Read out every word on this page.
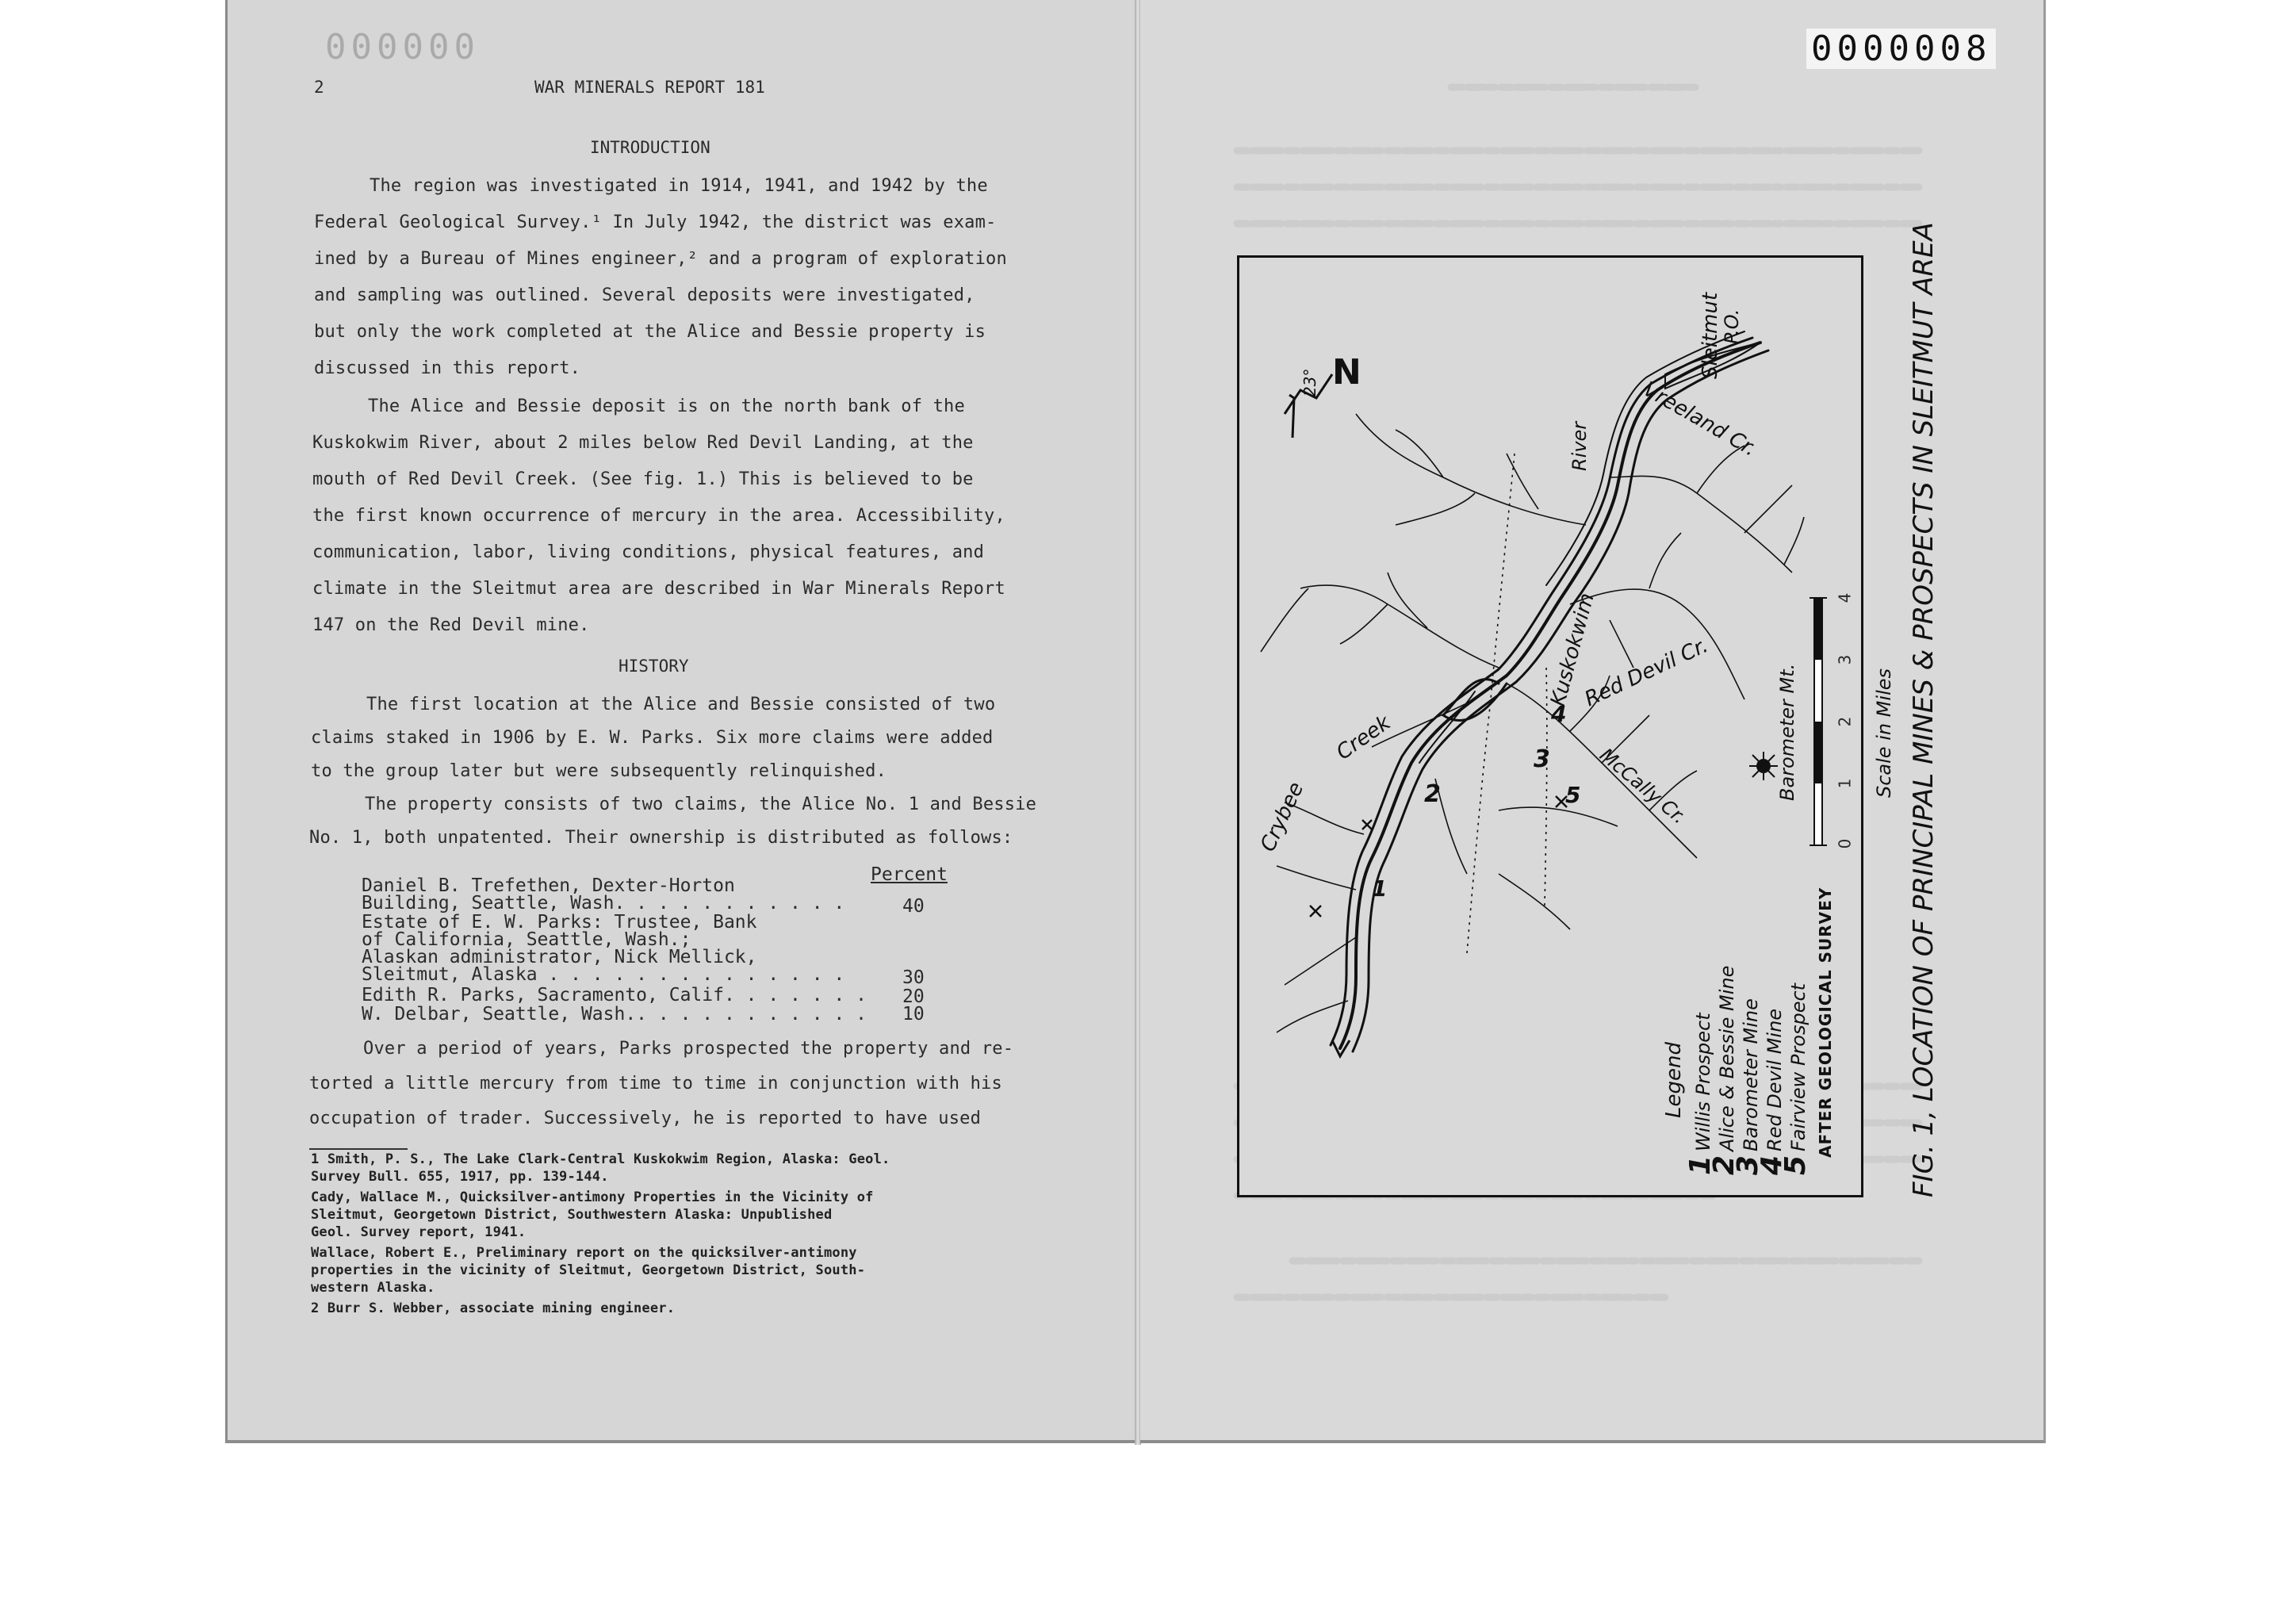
000000
2	WAR MINERALS REPORT 181
INTRODUCTION
The region was investigated in 1914, 1941, and 1942 by the
Federal Geological Survey.¹ In July 1942, the district was exam-
ined by a Bureau of Mines engineer,² and a program of exploration
and sampling was outlined. Several deposits were investigated,
but only the work completed at the Alice and Bessie property is
discussed in this report.
The Alice and Bessie deposit is on the north bank of the
Kuskokwim River, about 2 miles below Red Devil Landing, at the
mouth of Red Devil Creek. (See fig. 1.) This is believed to be
the first known occurrence of mercury in the area. Accessibility,
communication, labor, living conditions, physical features, and
climate in the Sleitmut area are described in War Minerals Report
147 on the Red Devil mine.
HISTORY
The first location at the Alice and Bessie consisted of two
claims staked in 1906 by E. W. Parks. Six more claims were added
to the group later but were subsequently relinquished.
The property consists of two claims, the Alice No. 1 and Bessie
No. 1, both unpatented. Their ownership is distributed as follows:
Percent
Daniel B. Trefethen, Dexter-Horton
Building, Seattle, Wash. . . . . . . . . . .	40
Estate of E. W. Parks: Trustee, Bank
of California, Seattle, Wash.;
Alaskan administrator, Nick Mellick,
Sleitmut, Alaska . . . . . . . . . . . . . .	30
Edith R. Parks, Sacramento, Calif. . . . . . . 20
W. Delbar, Seattle, Wash.. . . . . . . . . . . 10
Over a period of years, Parks prospected the property and re-
torted a little mercury from time to time in conjunction with his
occupation of trader. Successively, he is reported to have used
1 Smith, P. S., The Lake Clark-Central Kuskokwim Region, Alaska: Geol.
Survey Bull. 655, 1917, pp. 139-144.
Cady, Wallace M., Quicksilver-antimony Properties in the Vicinity of
Sleitmut, Georgetown District, Southwestern Alaska: Unpublished
Geol. Survey report, 1941.
Wallace, Robert E., Preliminary report on the quicksilver-antimony
properties in the vicinity of Sleitmut, Georgetown District, South-
western Alaska.
2 Burr S. Webber, associate mining engineer.
0000008
Sleitmut
P.O.
Vreeland Cr.
River
Kuskokwim
Red Devil Cr.
McCally Cr.
Crybee
Creek	Barometer Mt.
N
23°
1
2
3
4
5	Scale in Miles
0
1
2
3
4
Legend
1Willis Prospect
2Alice & Bessie Mine
3Barometer Mine
4Red Devil Mine
5Fairview Prospect AFTER GEOLOGICAL SURVEY	FIG. 1, LOCATION OF PRINCIPAL MINES & PROSPECTS IN SLEITMUT AREA
